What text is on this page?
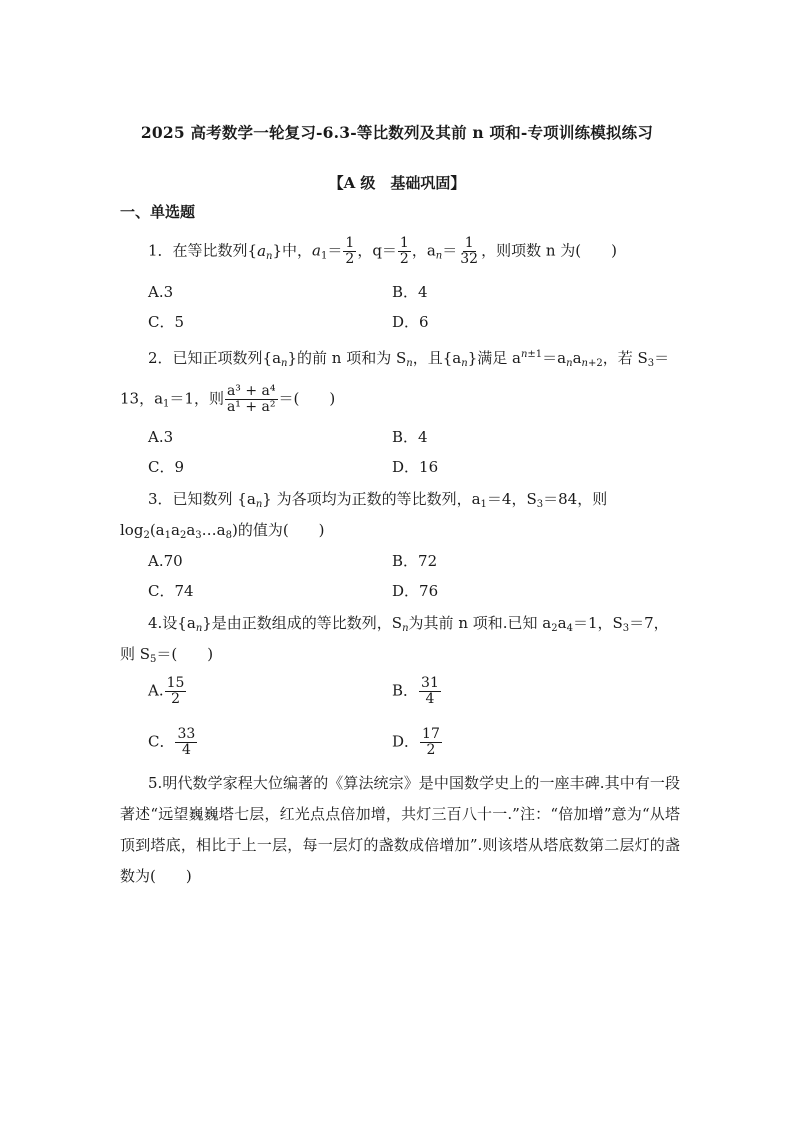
2025 高考数学一轮复习-6.3-等比数列及其前 n 项和-专项训练模拟练习
【A 级　基础巩固】
一、单选题
1．在等比数列$\{a_n\}$中，$a_1= \frac{1}{2}$ ，$q= \frac{1}{2}$ ，$a_n= \frac{1}{32}$ ，则项数 n 为(　　)
A.3	B．4
C．5	D．6
2．已知正项数列$\{a_n\}$的前 n 项和为 $S_n$，且$\{a_n\}$满足 $a^{n\pm 1}=a_na_{n+2}$，若 $S_3=$
13，$a_1=1$，则 $\frac{\text{a³ + a⁴}}{\text{a¹ + a²}}$ ＝(　　)
A.3	B．4
C．9	D．16
3．已知数列 $\{a_n\}$ 为各项均为正数的等比数列，$a_1=4$，$S_3=84$，则
$\log_2(a_1a_2a_3\dots a_8)$的值为(　　)
A.70	B．72
C．74	D．76
4.设$\{a_n\}$是由正数组成的等比数列，$S_n$为其前 n 项和.已知 $a_2a_4=1$，$S_3=7$，
则 $S_5=$(　　)
A. $\frac{15}{2}$	B． $\frac{31}{4}$
C． $\frac{33}{4}$	D． $\frac{17}{2}$
5.明代数学家程大位编著的《算法统宗》是中国数学史上的一座丰碑.其中有一段著述“远望巍巍塔七层，红光点点倍加增，共灯三百八十一.”注：“倍加增”意为“从塔顶到塔底，相比于上一层，每一层灯的盏数成倍增加”.则该塔从塔底数第二层灯的盏数为(　　)
